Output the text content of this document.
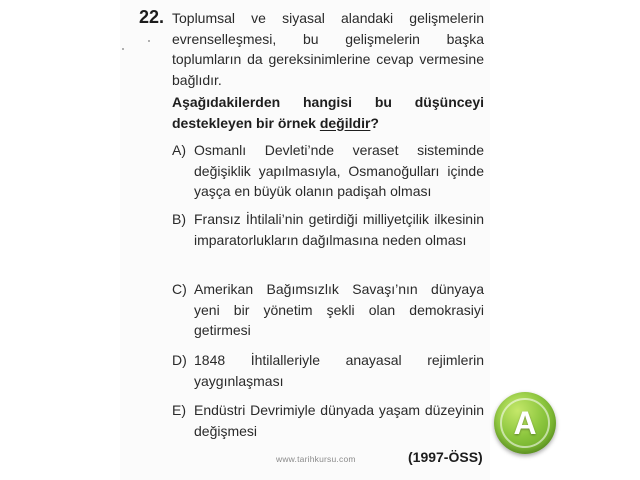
22. Toplumsal ve siyasal alandaki gelişmelerin evrenselleşmesi, bu gelişmelerin başka toplumların da gereksinimlerine cevap vermesine bağlıdır.

Aşağıdakilerden hangisi bu düşünceyi destekleyen bir örnek değildir?

A) Osmanlı Devleti’nde veraset sisteminde değişiklik yapılmasıyla, Osmanoğulları içinde yaşça en büyük olanın padişah olması
B) Fransız İhtilali’nin getirdiği milliyetçilik ilkesinin imparatorlukların dağılmasına neden olması
C) Amerikan Bağımsızlık Savaşı’nın dünyaya yeni bir yönetim şekli olan demokrasiyi getirmesi
D) 1848 İhtilalleriyle anayasal rejimlerin yaygınlaşması
E) Endüstri Devrimiyle dünyada yaşam düzeyinin değişmesi
www.tarihkursu.com	(1997-ÖSS)
A
